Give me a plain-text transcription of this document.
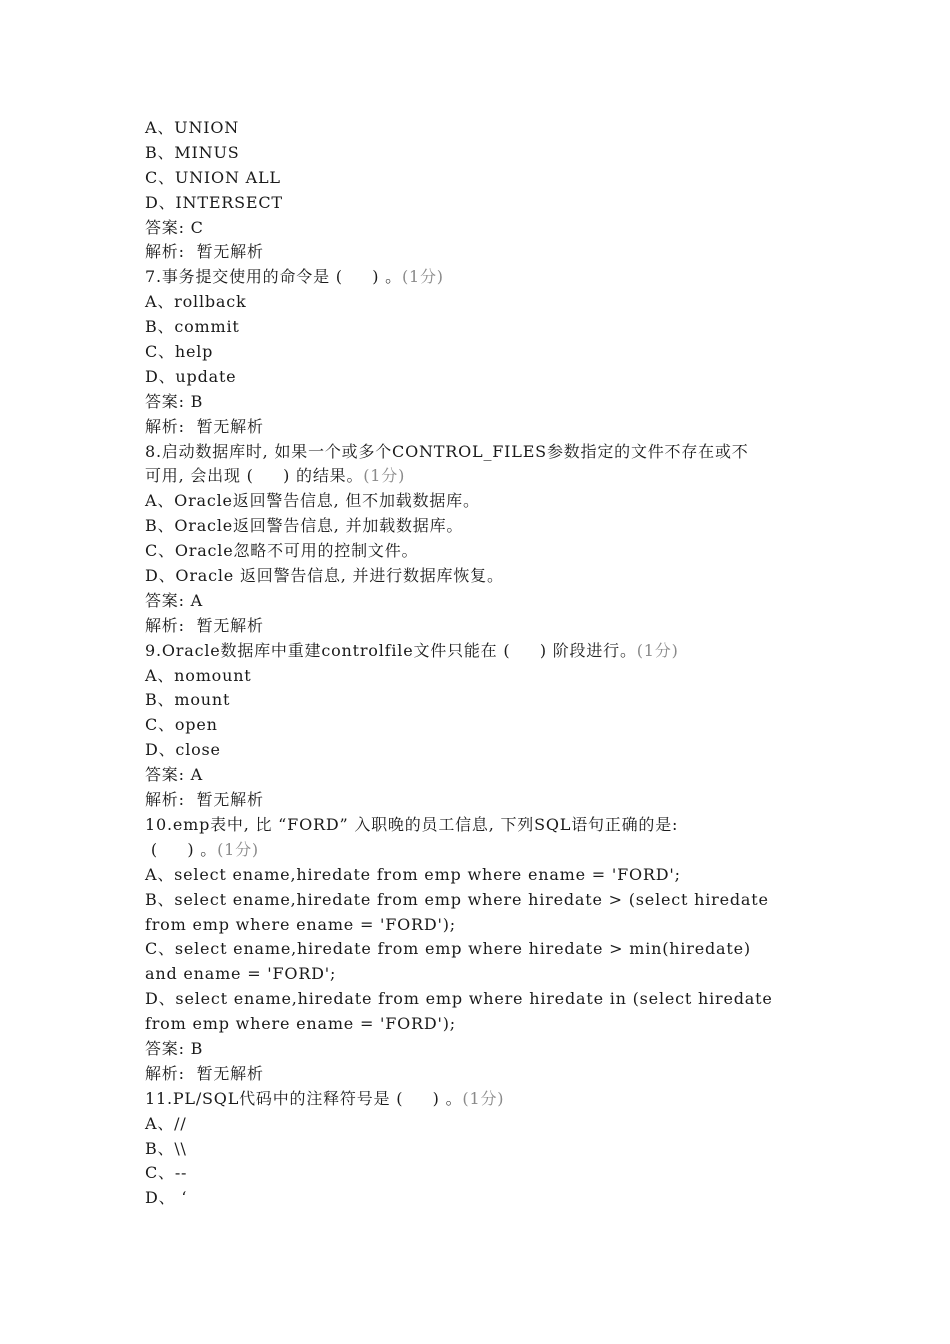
A、UNION
B、MINUS
C、UNION ALL
D、INTERSECT
答案: C
解析:  暂无解析
7.事务提交使用的命令是 (     ) 。(1分)
A、rollback
B、commit
C、help
D、update
答案: B
解析:  暂无解析
8.启动数据库时, 如果一个或多个CONTROL_FILES参数指定的文件不存在或不
可用, 会出现 (     ) 的结果。(1分)
A、Oracle返回警告信息, 但不加载数据库。
B、Oracle返回警告信息, 并加载数据库。
C、Oracle忽略不可用的控制文件。
D、Oracle 返回警告信息, 并进行数据库恢复。
答案: A
解析:  暂无解析
9.Oracle数据库中重建controlfile文件只能在 (     ) 阶段进行。(1分)
A、nomount
B、mount
C、open
D、close
答案: A
解析:  暂无解析
10.emp表中, 比 “FORD” 入职晚的员工信息, 下列SQL语句正确的是:
(     ) 。(1分)
A、select ename,hiredate from emp where ename = 'FORD';
B、select ename,hiredate from emp where hiredate > (select hiredate
from emp where ename = 'FORD');
C、select ename,hiredate from emp where hiredate > min(hiredate)
and ename = 'FORD';
D、select ename,hiredate from emp where hiredate in (select hiredate
from emp where ename = 'FORD');
答案: B
解析:  暂无解析
11.PL/SQL代码中的注释符号是 (     ) 。(1分)
A、//
B、\\
C、--
D、 ‘
